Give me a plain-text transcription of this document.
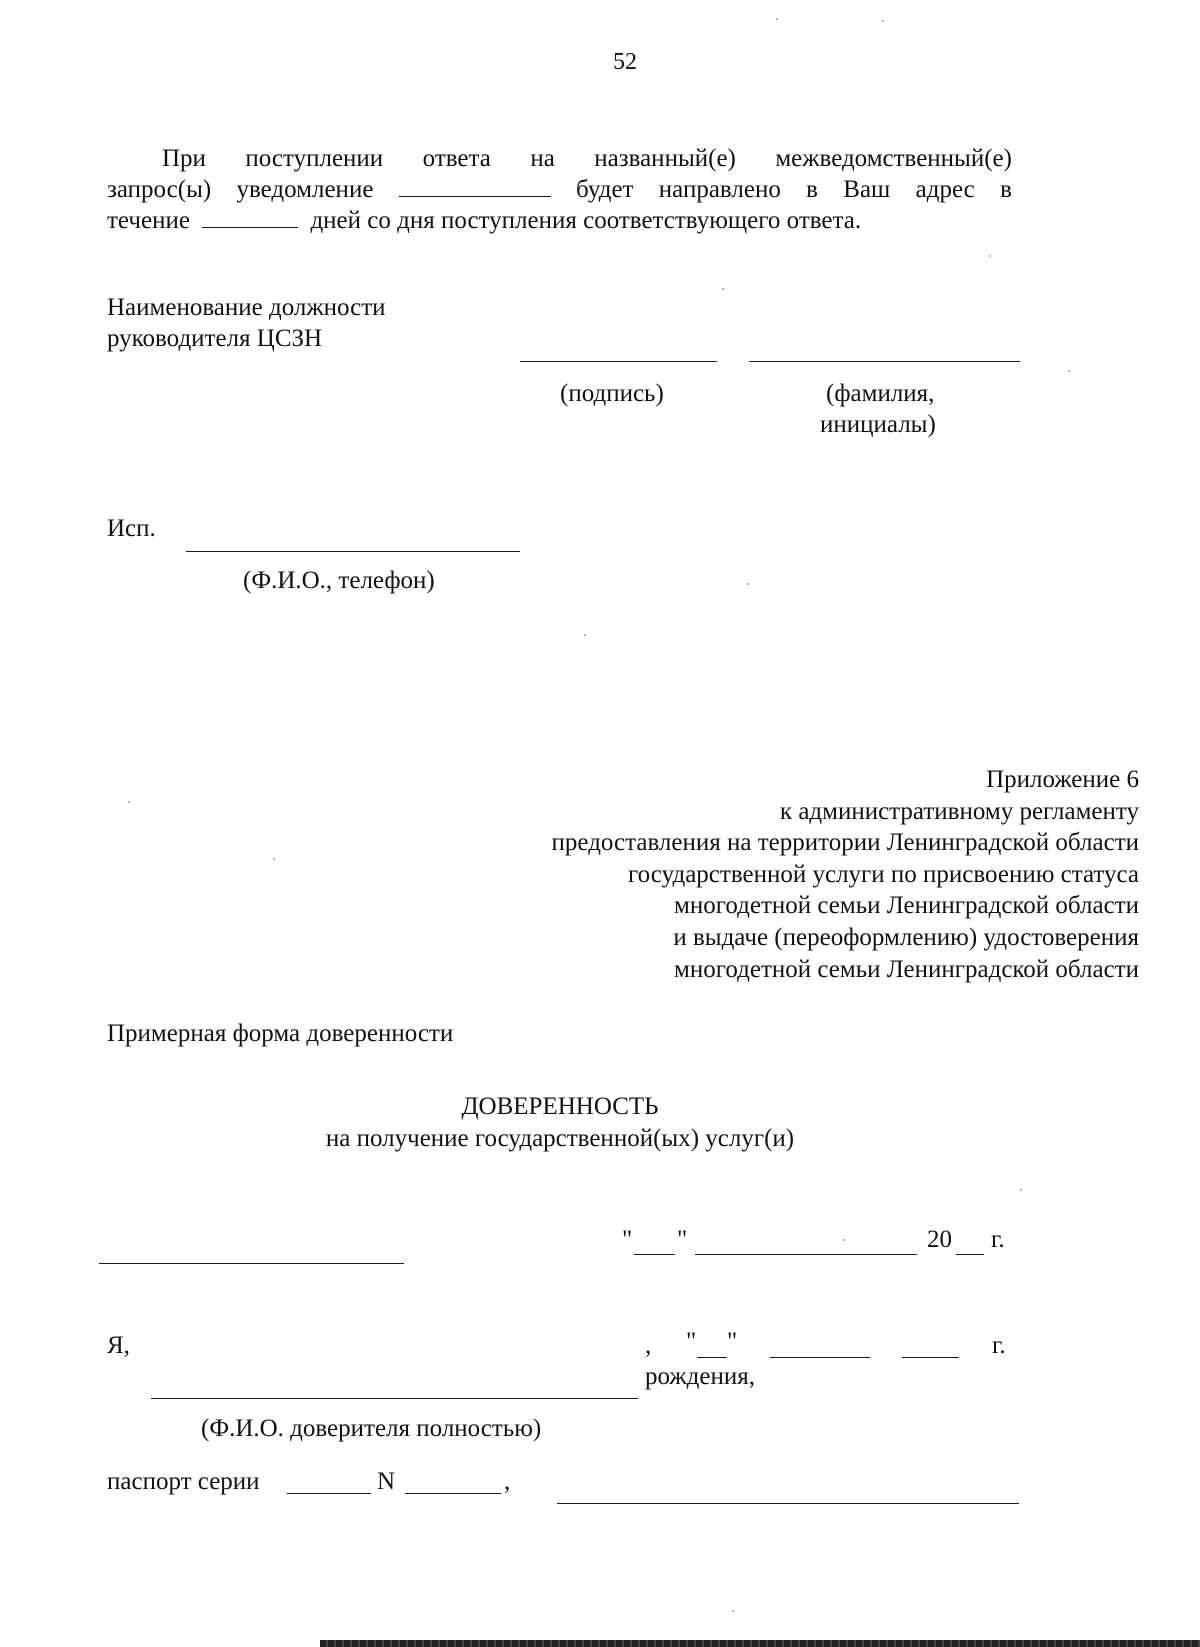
52
При поступлении ответа на названный(е) межведомственный(е)
запрос(ы) уведомление	будет направлено в Ваш адрес в
течение	дней со дня поступления соответствующего ответа.
Наименование должности
руководителя ЦСЗН
(подпись)	(фамилия,
инициалы)
Исп.
(Ф.И.О., телефон)
Приложение 6
к административному регламенту
предоставления на территории Ленинградской области
государственной услуги по присвоению статуса
многодетной семьи Ленинградской области
и выдаче (переоформлению) удостоверения
многодетной семьи Ленинградской области
Примерная форма доверенности
ДОВЕРЕННОСТЬ
на получение государственной(ых) услуг(и)
" "	20 г.
Я,	, " "	г.
рождения,
(Ф.И.О. доверителя полностью)
паспорт серии	N	,
